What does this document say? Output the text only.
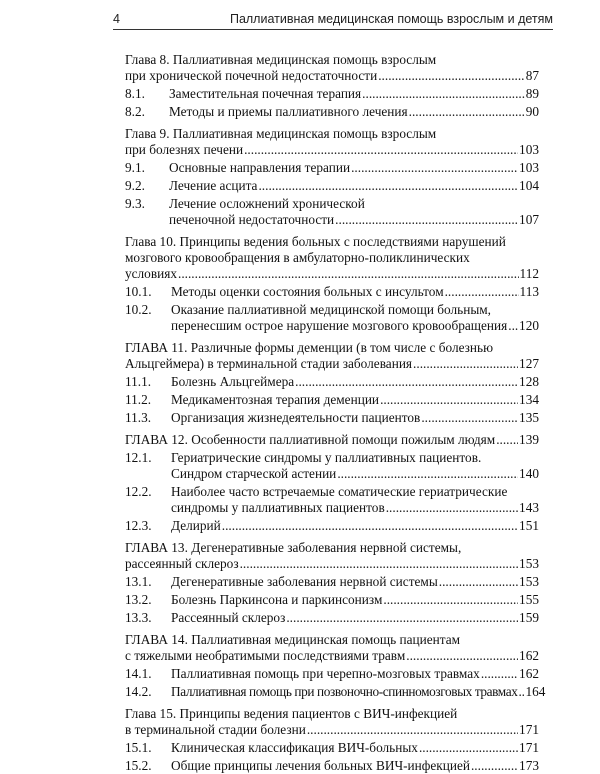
4	Паллиативная медицинская помощь взрослым и детям
Глава 8. Паллиативная медицинская помощь взрослым
при хронической почечной недостаточности .....	87
8.1. Заместительная почечная терапия .....	89
8.2. Методы и приемы паллиативного лечения .....	90
Глава 9. Паллиативная медицинская помощь взрослым
при болезнях печени .....	103
9.1. Основные направления терапии .....	103
9.2. Лечение асцита .....	104
9.3. Лечение осложнений хронической
печеночной недостаточности .....	107
Глава 10. Принципы ведения больных с последствиями нарушений
мозгового кровообращения в амбулаторно-поликлинических
условиях .....	112
10.1. Методы оценки состояния больных с инсультом .....	113
10.2. Оказание паллиативной медицинской помощи больным,
перенесшим острое нарушение мозгового кровообращения ..... 120
ГЛАВА 11. Различные формы деменции (в том числе с болезнью
Альцгеймера) в терминальной стадии заболевания .....	127
11.1. Болезнь Альцгеймера .....	128
11.2. Медикаментозная терапия деменции .....	134
11.3. Организация жизнедеятельности пациентов .....	135
ГЛАВА 12. Особенности паллиативной помощи пожилым людям ..... 139
12.1. Гериатрические синдромы у паллиативных пациентов.
Синдром старческой астении .....	140
12.2. Наиболее часто встречаемые соматические гериатрические
синдромы у паллиативных пациентов .....	143
12.3. Делирий .....	151
ГЛАВА 13. Дегенеративные заболевания нервной системы,
рассеянный склероз .....	153
13.1. Дегенеративные заболевания нервной системы .....	153
13.2. Болезнь Паркинсона и паркинсонизм .....	155
13.3. Рассеянный склероз .....	159
ГЛАВА 14. Паллиативная медицинская помощь пациентам
с тяжелыми необратимыми последствиями травм .....	162
14.1. Паллиативная помощь при черепно-мозговых травмах .....	162
14.2. Паллиативная помощь при позвоночно-спинномозговых травмах ..... 164
Глава 15. Принципы ведения пациентов с ВИЧ-инфекцией
в терминальной стадии болезни .....	171
15.1. Клиническая классификация ВИЧ-больных .....	171
15.2. Общие принципы лечения больных ВИЧ-инфекцией .....	173
